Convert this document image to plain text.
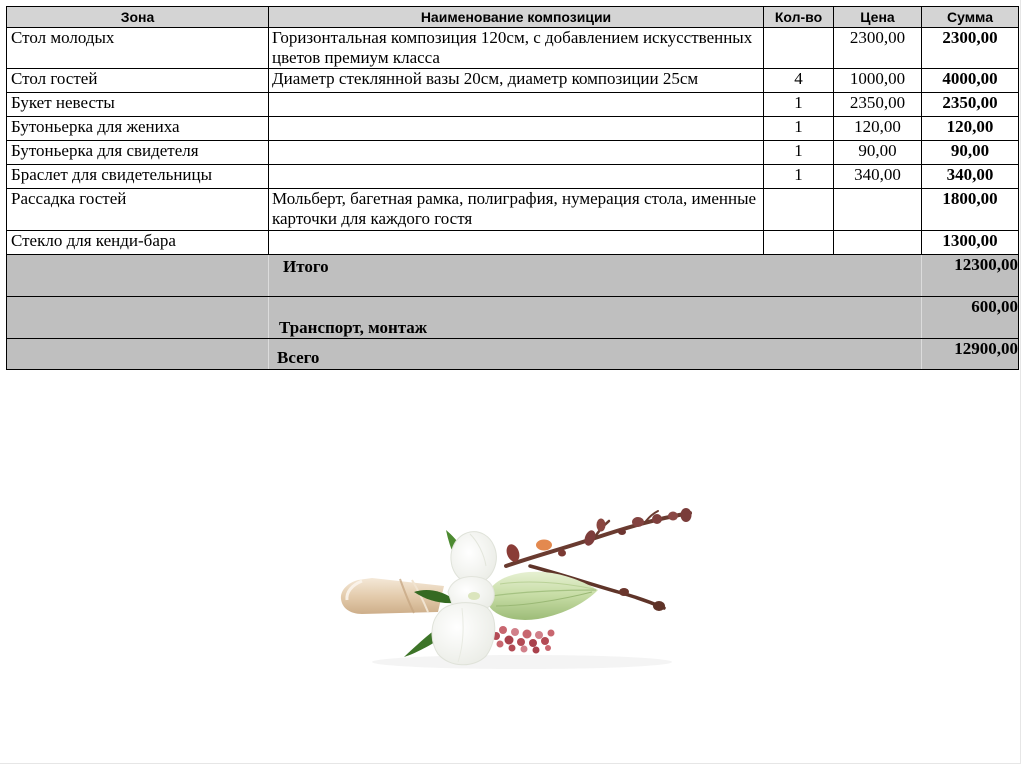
Зона	Наименование композиции	Кол-во	Цена	Сумма
Стол молодых	Горизонтальная композиция 120см, с добавлением искусственных цветов премиум класса		2300,00	2300,00
Стол гостей	Диаметр стеклянной вазы 20см, диаметр композиции 25см	4	1000,00	4000,00
Букет невесты		1	2350,00	2350,00
Бутоньерка для жениха		1	120,00	120,00
Бутоньерка для свидетеля		1	90,00	90,00
Браслет для свидетельницы		1	340,00	340,00
Рассадка гостей	Мольберт, багетная рамка, полиграфия, нумерация стола, именные карточки для каждого гостя			1800,00
Стекло для кенди-бара				1300,00
	Итого			12300,00
	Транспорт, монтаж			600,00
	Всего			12900,00
